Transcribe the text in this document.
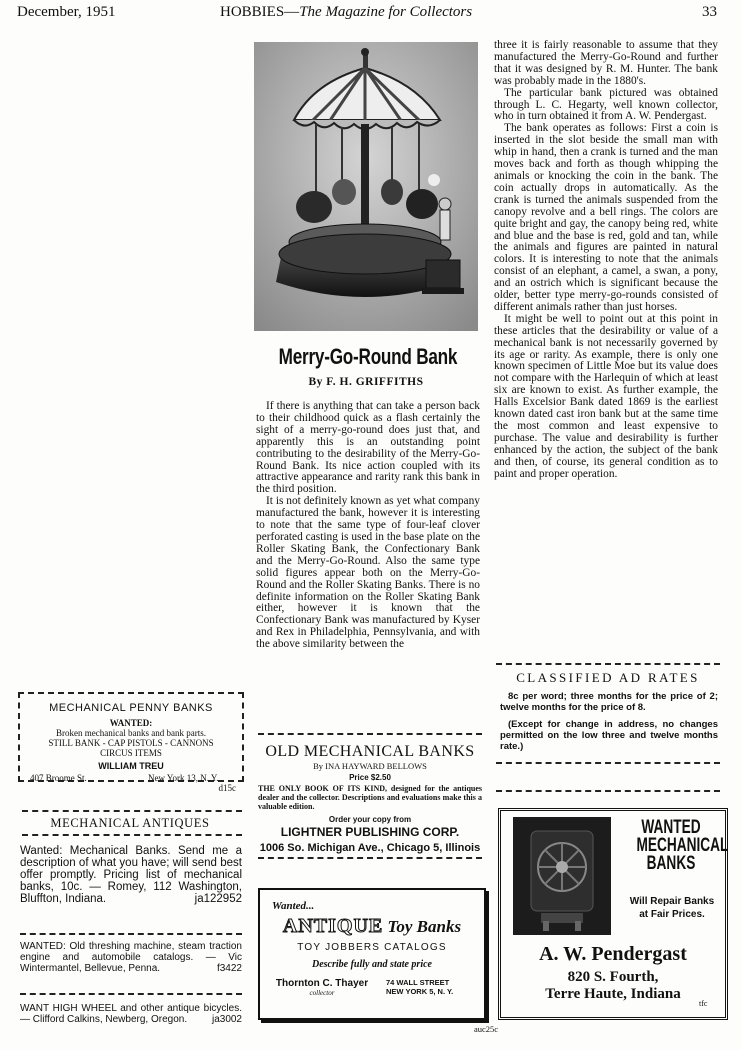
December, 1951	HOBBIES—The Magazine for Collectors	33
Merry-Go-Round Bank
By F. H. GRIFFITHS

If there is anything that can take a person back to their childhood quick as a flash certainly the sight of a merry-go-round does just that, and apparently this is an outstanding point contributing to the desirability of the Merry-Go-Round Bank. Its nice action coupled with its attractive appearance and rarity rank this bank in the third position.

It is not definitely known as yet what company manufactured the bank, however it is interesting to note that the same type of four-leaf clover perforated casting is used in the base plate on the Roller Skating Bank, the Confectionary Bank and the Merry-Go-Round. Also the same type solid figures appear both on the Merry-Go-Round and the Roller Skating Banks. There is no definite information on the Roller Skating Bank either, however it is known that the Confectionary Bank was manufactured by Kyser and Rex in Philadelphia, Pennsylvania, and with the above similarity between the

three it is fairly reasonable to assume that they manufactured the Merry-Go-Round and further that it was designed by R. M. Hunter. The bank was probably made in the 1880's.

The particular bank pictured was obtained through L. C. Hegarty, well known collector, who in turn obtained it from A. W. Pendergast.

The bank operates as follows: First a coin is inserted in the slot beside the small man with whip in hand, then a crank is turned and the man moves back and forth as though whipping the animals or knocking the coin in the bank. The coin actually drops in automatically. As the crank is turned the animals suspended from the canopy revolve and a bell rings. The colors are quite bright and gay, the canopy being red, white and blue and the base is red, gold and tan, while the animals and figures are painted in natural colors. It is interesting to note that the animals consist of an elephant, a camel, a swan, a pony, and an ostrich which is significant because the older, better type merry-go-rounds consisted of different animals rather than just horses.

It might be well to point out at this point in these articles that the desirability or value of a mechanical bank is not necessarily governed by its age or rarity. As example, there is only one known specimen of Little Moe but its value does not compare with the Harlequin of which at least six are known to exist. As further example, the Halls Excelsior Bank dated 1869 is the earliest known dated cast iron bank but at the same time the most common and least expensive to purchase. The value and desirability is further enhanced by the action, the subject of the bank and then, of course, its general condition as to paint and proper operation.

MECHANICAL PENNY BANKS
WANTED:
Broken mechanical banks and bank parts.
STILL BANK - CAP PISTOLS - CANNONS
CIRCUS ITEMS
WILLIAM TREU
407 Broome St.	New York 13, N. Y.
d15c
MECHANICAL ANTIQUES
Wanted: Mechanical Banks. Send me a description of what you have; will send best offer promptly. Pricing list of mechanical banks, 10c. — Romey, 112 Washington, Bluffton, Indiana.	ja122952
WANTED: Old threshing machine, steam traction engine and automobile catalogs. — Vic Wintermantel, Bellevue, Penna.	f3422
WANT HIGH WHEEL and other antique bicycles. — Clifford Calkins, Newberg, Oregon. ja3002
OLD MECHANICAL BANKS
By INA HAYWARD BELLOWS
Price $2.50
THE ONLY BOOK OF ITS KIND, designed for the antiques dealer and the collector. Descriptions and evaluations make this a valuable edition.
Order your copy from
LIGHTNER PUBLISHING CORP.
1006 So. Michigan Ave., Chicago 5, Illinois
Wanted...
ANTIQUE Toy Banks
TOY JOBBERS CATALOGS
Describe fully and state price
Thornton C. Thayer
collector
74 WALL STREET
NEW YORK 5, N. Y.
auc25c
CLASSIFIED AD RATES
8c per word; three months for the price of 2; twelve months for the price of 8.
(Except for change in address, no changes permitted on the low three and twelve months rate.)
WANTED MECHANICAL BANKS
Will Repair Banks at Fair Prices.
A. W. Pendergast
820 S. Fourth,
Terre Haute, Indiana
tfc
